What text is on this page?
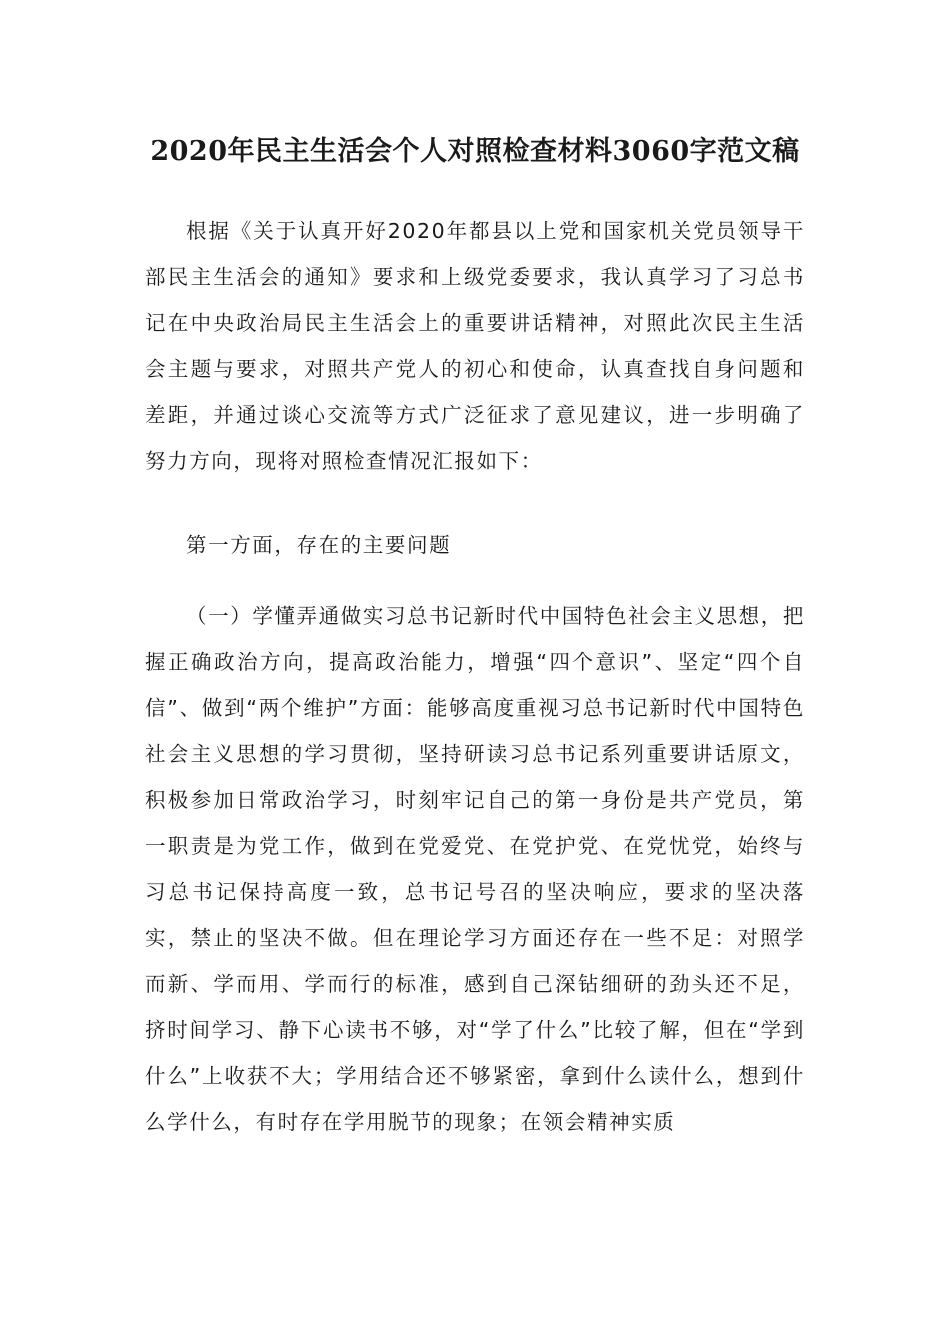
2020年民主生活会个人对照检查材料3060字范文稿

根据《关于认真开好2020年都县以上党和国家机关党员领导干部民主生活会的通知》要求和上级党委要求，我认真学习了习总书记在中央政治局民主生活会上的重要讲话精神，对照此次民主生活会主题与要求，对照共产党人的初心和使命，认真查找自身问题和差距，并通过谈心交流等方式广泛征求了意见建议，进一步明确了努力方向，现将对照检查情况汇报如下：

第一方面，存在的主要问题

（一）学懂弄通做实习总书记新时代中国特色社会主义思想，把握正确政治方向，提高政治能力，增强“四个意识”、坚定“四个自信”、做到“两个维护”方面：能够高度重视习总书记新时代中国特色社会主义思想的学习贯彻，坚持研读习总书记系列重要讲话原文，积极参加日常政治学习，时刻牢记自己的第一身份是共产党员，第一职责是为党工作，做到在党爱党、在党护党、在党忧党，始终与习总书记保持高度一致，总书记号召的坚决响应，要求的坚决落实，禁止的坚决不做。但在理论学习方面还存在一些不足：对照学而新、学而用、学而行的标准，感到自己深钻细研的劲头还不足，挤时间学习、静下心读书不够，对“学了什么”比较了解，但在“学到什么”上收获不大；学用结合还不够紧密，拿到什么读什么，想到什么学什么，有时存在学用脱节的现象；在领会精神实质
